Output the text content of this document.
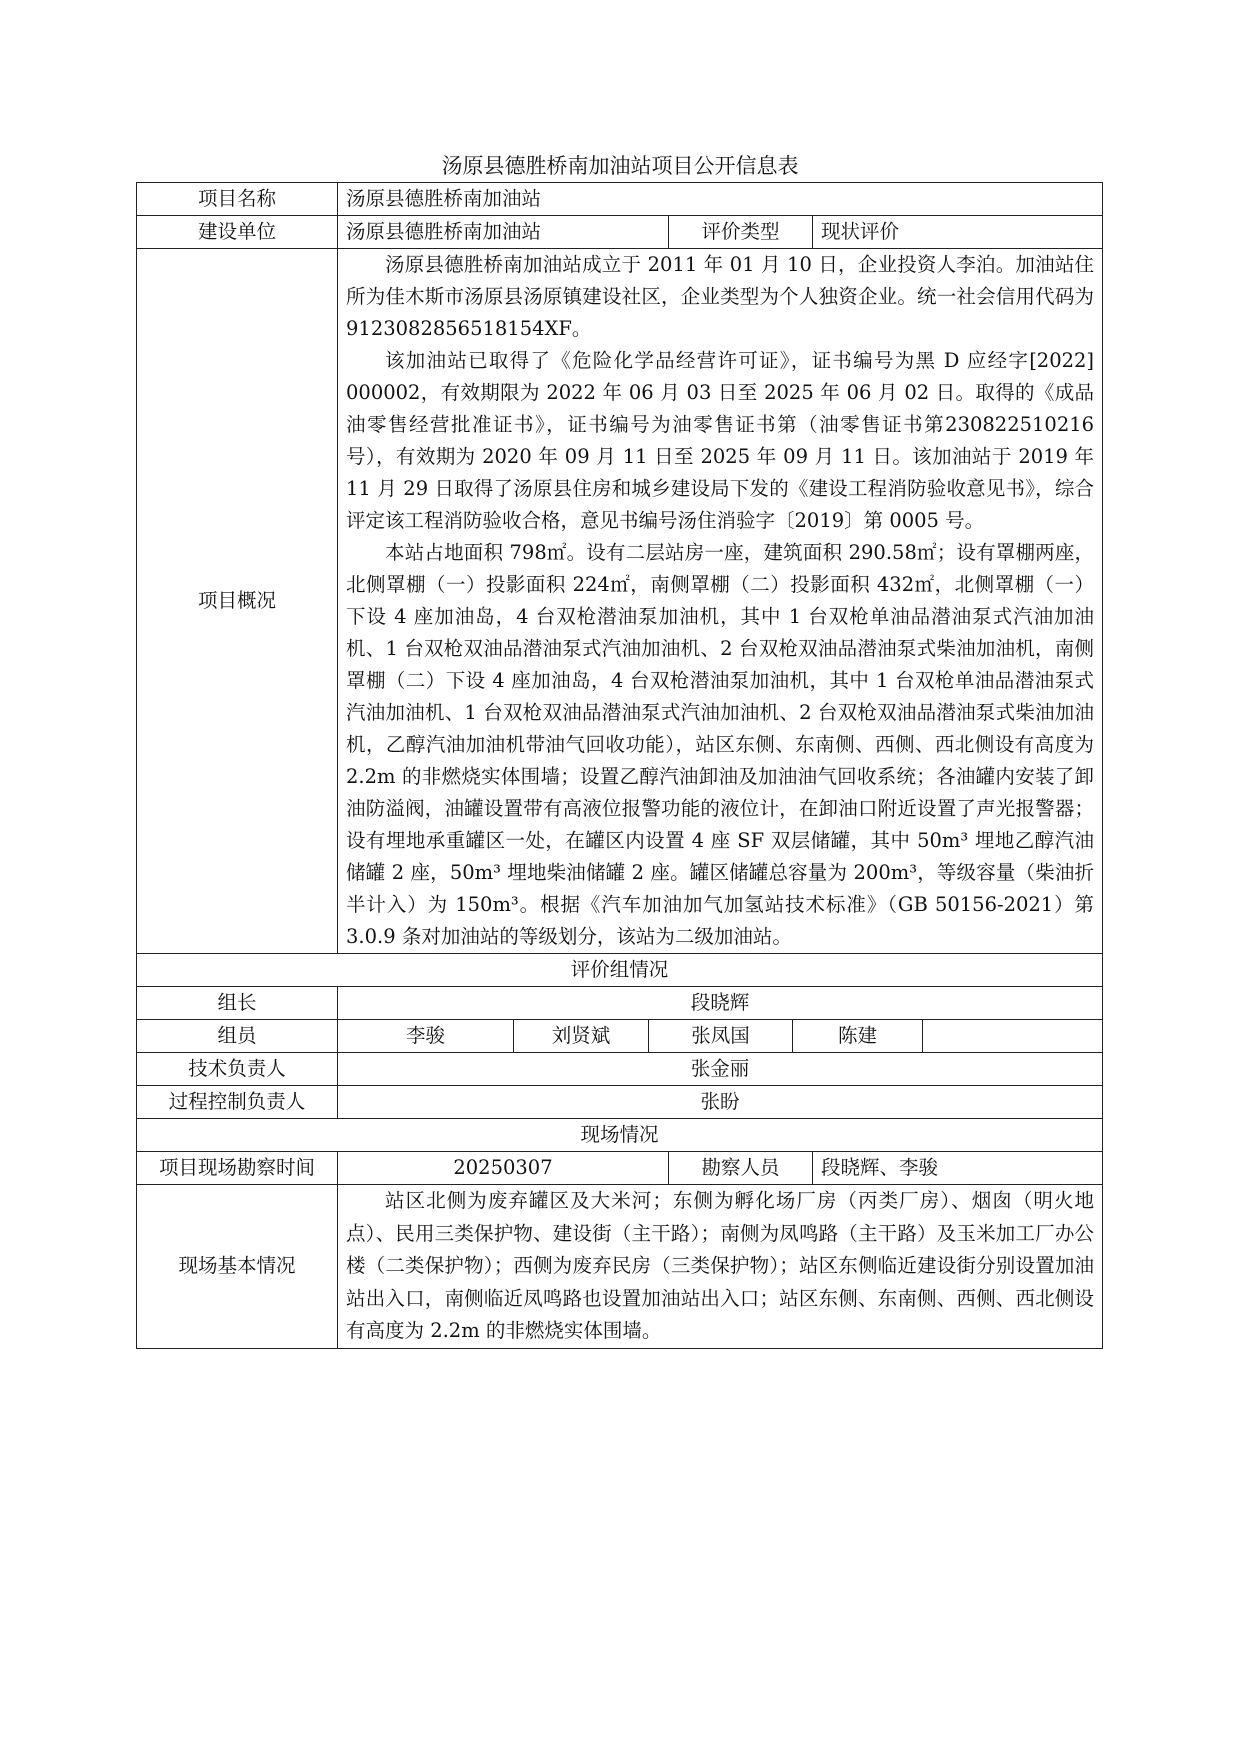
汤原县德胜桥南加油站项目公开信息表
项目名称	汤原县德胜桥南加油站						
建设单位	汤原县德胜桥南加油站			评价类型		现状评价	
项目概况	汤原县德胜桥南加油站成立于 2011 年 01 月 10 日，企业投资人李泊。加油站住所为佳木斯市汤原县汤原镇建设社区，企业类型为个人独资企业。统一社会信用代码为 9123082856518154XF。

该加油站已取得了《危险化学品经营许可证》，证书编号为黑 D 应经字[2022] 000002，有效期限为 2022 年 06 月 03 日至 2025 年 06 月 02 日。取得的《成品油零售经营批准证书》，证书编号为油零售证书第（油零售证书第230822510216 号），有效期为 2020 年 09 月 11 日至 2025 年 09 月 11 日。该加油站于 2019 年 11 月 29 日取得了汤原县住房和城乡建设局下发的《建设工程消防验收意见书》，综合评定该工程消防验收合格，意见书编号汤住消验字〔2019〕第 0005 号。

本站占地面积 798㎡。设有二层站房一座，建筑面积 290.58㎡；设有罩棚两座，北侧罩棚（一）投影面积 224㎡，南侧罩棚（二）投影面积 432㎡，北侧罩棚（一）下设 4 座加油岛，4 台双枪潜油泵加油机，其中 1 台双枪单油品潜油泵式汽油加油机、1 台双枪双油品潜油泵式汽油加油机、2 台双枪双油品潜油泵式柴油加油机，南侧罩棚（二）下设 4 座加油岛，4 台双枪潜油泵加油机，其中 1 台双枪单油品潜油泵式汽油加油机、1 台双枪双油品潜油泵式汽油加油机、2 台双枪双油品潜油泵式柴油加油机，乙醇汽油加油机带油气回收功能），站区东侧、东南侧、西侧、西北侧设有高度为 2.2m 的非燃烧实体围墙；设置乙醇汽油卸油及加油油气回收系统；各油罐内安装了卸油防溢阀，油罐设置带有高液位报警功能的液位计，在卸油口附近设置了声光报警器；设有埋地承重罐区一处，在罐区内设置 4 座 SF 双层储罐，其中 50m³ 埋地乙醇汽油储罐 2 座，50m³ 埋地柴油储罐 2 座。罐区储罐总容量为 200m³，等级容量（柴油折半计入）为 150m³。根据《汽车加油加气加氢站技术标准》（GB 50156-2021）第 3.0.9 条对加油站的等级划分，该站为二级加油站。						

评价组情况							
组长	段晓辉						
组员	李骏	刘贤斌	张凤国		陈建		
技术负责人	张金丽						
过程控制负责人	张盼						
现场情况							
项目现场勘察时间	20250307			勘察人员		段晓辉、李骏	
现场基本情况	站区北侧为废弃罐区及大米河；东侧为孵化场厂房（丙类厂房）、烟囱（明火地点）、民用三类保护物、建设街（主干路）；南侧为凤鸣路（主干路）及玉米加工厂办公楼（二类保护物）；西侧为废弃民房（三类保护物）；站区东侧临近建设街分别设置加油站出入口，南侧临近凤鸣路也设置加油站出入口；站区东侧、东南侧、西侧、西北侧设有高度为 2.2m 的非燃烧实体围墙。						
